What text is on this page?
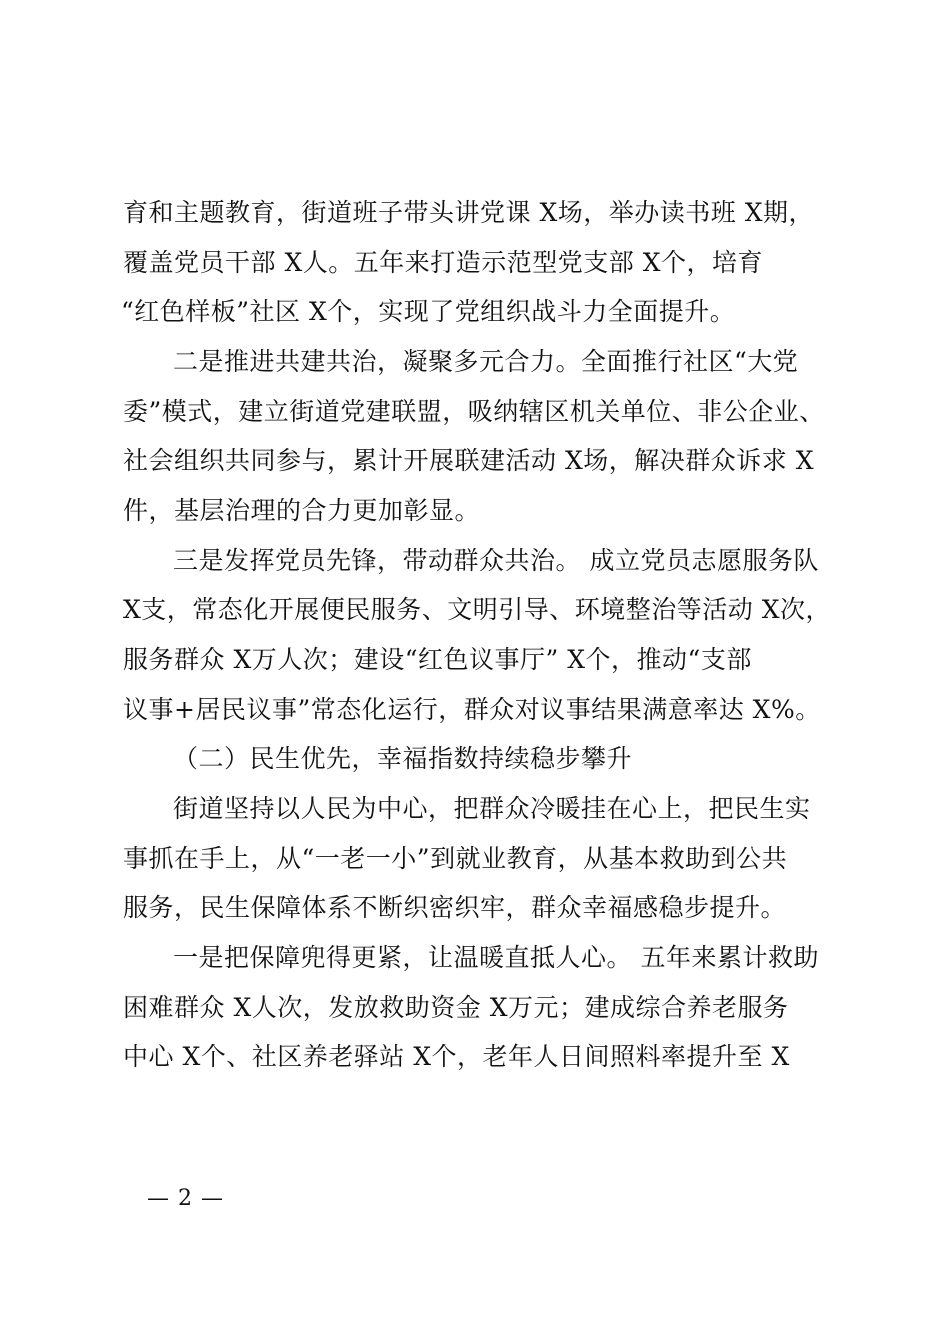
育和主题教育，街道班子带头讲党课 X场，举办读书班 X期，
覆盖党员干部 X人。五年来打造示范型党支部 X个，培育
“红色样板”社区 X个，实现了党组织战斗力全面提升。
二是推进共建共治，凝聚多元合力。全面推行社区“大党
委”模式，建立街道党建联盟，吸纳辖区机关单位、非公企业、
社会组织共同参与，累计开展联建活动 X场，解决群众诉求 X
件，基层治理的合力更加彰显。
三是发挥党员先锋，带动群众共治。 成立党员志愿服务队
X支，常态化开展便民服务、文明引导、环境整治等活动 X次，
服务群众 X万人次；建设“红色议事厅” X个，推动“支部
议事+居民议事”常态化运行，群众对议事结果满意率达 X%。
（二）民生优先，幸福指数持续稳步攀升
街道坚持以人民为中心，把群众冷暖挂在心上，把民生实
事抓在手上，从“一老一小”到就业教育，从基本救助到公共
服务，民生保障体系不断织密织牢，群众幸福感稳步提升。
一是把保障兜得更紧，让温暖直抵人心。 五年来累计救助
困难群众 X人次，发放救助资金 X万元；建成综合养老服务
中心 X个、社区养老驿站 X个，老年人日间照料率提升至 X
— 2 —
